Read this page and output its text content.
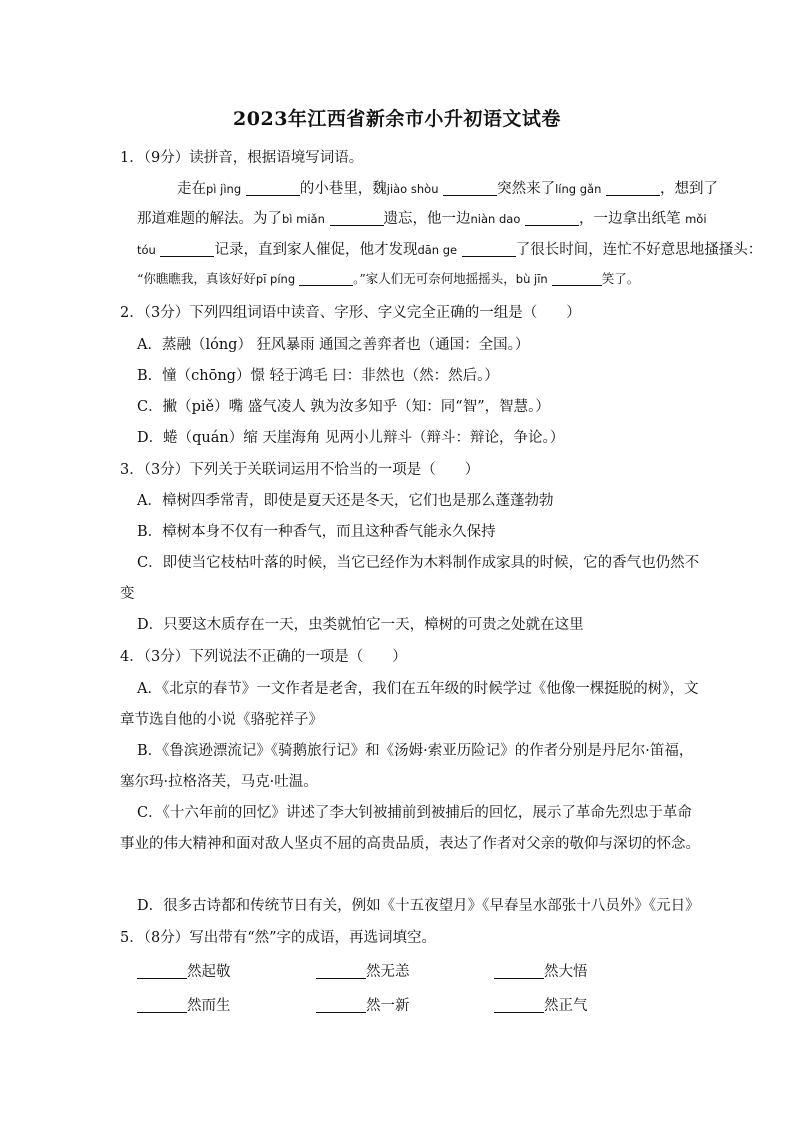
2023年江西省新余市小升初语文试卷
1．（9分）读拼音，根据语境写词语。
走在pì jìng	的小巷里，魏jiào shòu	突然来了líng gǎn	，想到了
那道难题的解法。为了bì miǎn	遗忘，他一边niàn dao	，一边拿出纸笔 mǒi
tóu	记录，直到家人催促，他才发现dān ge	了很长时间，连忙不好意思地搔搔头：
“你瞧瞧我，真该好好pī píng	。”家人们无可奈何地摇摇头，bù jīn	笑了。
2．（3分）下列四组词语中读音、字形、字义完全正确的一组是（　　）
A．蒸融（lóng） 狂风暴雨 通国之善弈者也（通国：全国。）
B．憧（chōng）憬 轻于鸿毛 曰：非然也（然：然后。）
C．撇（piě）嘴 盛气凌人 孰为汝多知乎（知：同“智”，智慧。）
D．蜷（quán）缩 天崖海角 见两小儿辩斗（辩斗：辩论，争论。）
3．（3分）下列关于关联词运用不恰当的一项是（　　）
A．樟树四季常青，即使是夏天还是冬天，它们也是那么蓬蓬勃勃
B．樟树本身不仅有一种香气，而且这种香气能永久保持
C．即使当它枝枯叶落的时候，当它已经作为木料制作成家具的时候，它的香气也仍然不
变
D．只要这木质存在一天，虫类就怕它一天，樟树的可贵之处就在这里
4．（3分）下列说法不正确的一项是（　　）
A．《北京的春节》一文作者是老舍，我们在五年级的时候学过《他像一棵挺脱的树》，文
章节选自他的小说《骆驼祥子》
B．《鲁滨逊漂流记》《骑鹅旅行记》和《汤姆·索亚历险记》的作者分别是丹尼尔·笛福，
塞尔玛·拉格洛芙，马克·吐温。
C．《十六年前的回忆》讲述了李大钊被捕前到被捕后的回忆，展示了革命先烈忠于革命
事业的伟大精神和面对敌人坚贞不屈的高贵品质，表达了作者对父亲的敬仰与深切的怀念。
D．很多古诗都和传统节日有关，例如《十五夜望月》《早春呈水部张十八员外》《元日》
5．（8分）写出带有“然”字的成语，再选词填空。
然起敬	然无恙	然大悟
然而生	然一新	然正气
